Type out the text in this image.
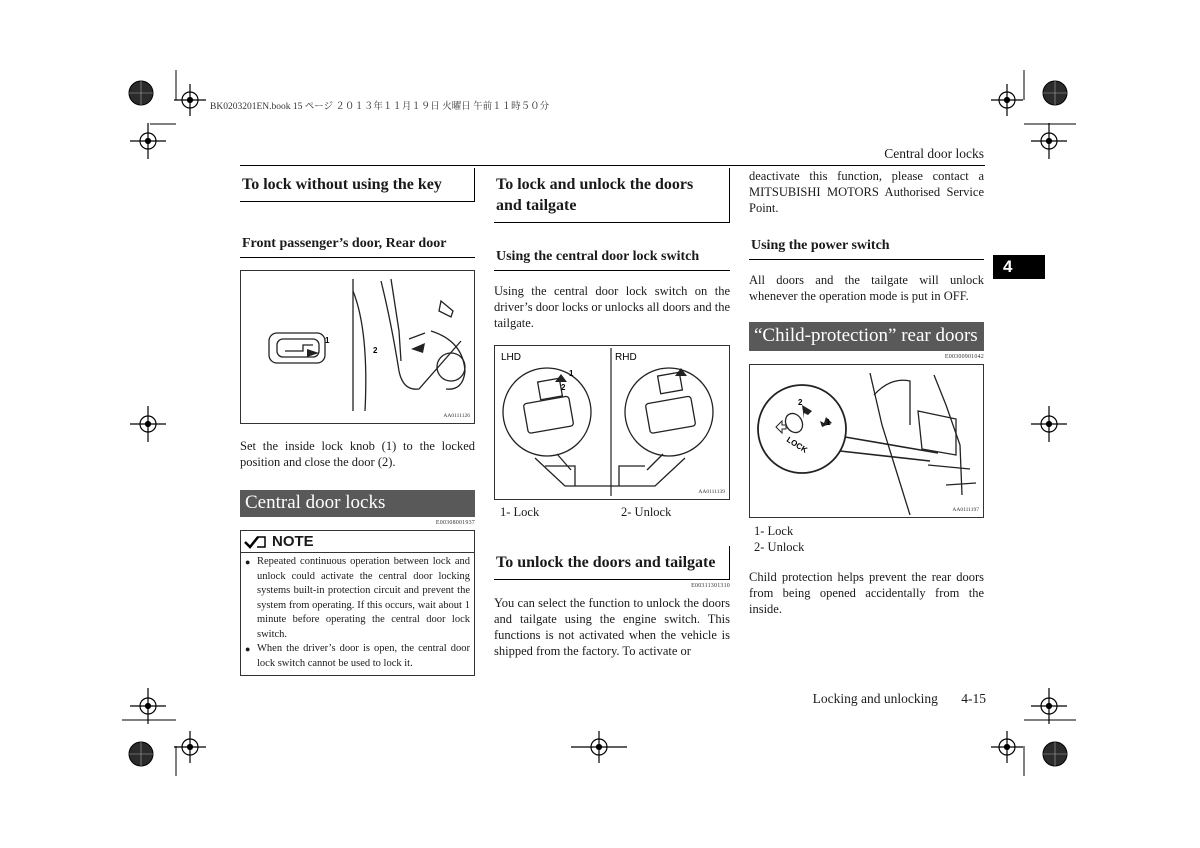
BK0203201EN.book 15 ページ ２０１３年１１月１９日 火曜日 午前１１時５０分
Central door locks
To lock without using the key
Front passenger’s door, Rear door
2
1
AA0111126
Set the inside lock knob (1) to the locked position and close the door (2).
Central door locks
E00308001937
NOTE
● Repeated continuous operation between lock and unlock could activate the central door locking systems built-in protection circuit and prevent the system from operating. If this occurs, wait about 1 minute before operating the central door lock switch.
● When the driver’s door is open, the central door lock switch cannot be used to lock it.
To lock and unlock the doors and tailgate
Using the central door lock switch
Using the central door lock switch on the driver’s door locks or unlocks all doors and the tailgate.
LHD	RHD
1
2
AA0111139
1- Lock	2- Unlock
To unlock the doors and tailgate
E00311301310
You can select the function to unlock the doors and tailgate using the engine switch. This functions is not activated when the vehicle is shipped from the factory. To activate or
deactivate this function, please contact a MITSUBISHI MOTORS Authorised Service Point.
Using the power switch
All doors and the tailgate will unlock whenever the operation mode is put in OFF.
“Child-protection” rear doors
E00300901042
2
1
LOCK
AA0111197
1- Lock
2- Unlock
Child protection helps prevent the rear doors from being opened accidentally from the inside.
4
Locking and unlocking 4-15
